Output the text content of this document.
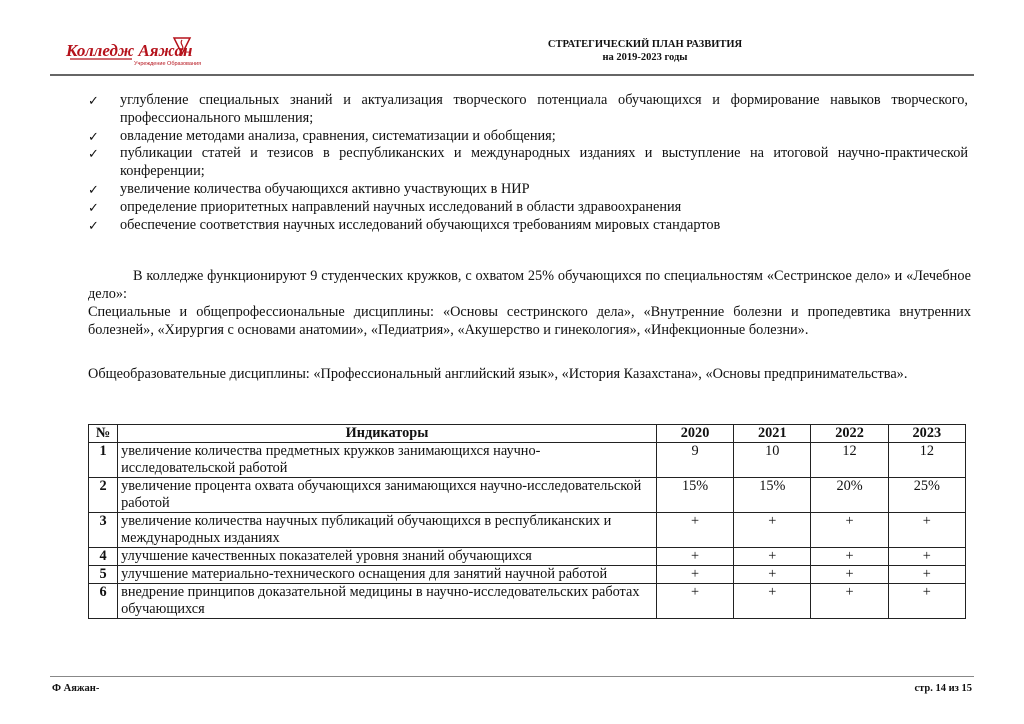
Колледж Аяжан
Учреждение Образования
СТРАТЕГИЧЕСКИЙ ПЛАН РАЗВИТИЯ
на 2019-2023 годы
✓	углубление специальных знаний и актуализация творческого потенциала обучающихся и формирование навыков творческого, профессионального мышления;
✓	овладение методами анализа, сравнения, систематизации и обобщения;
✓	публикации статей и тезисов в республиканских и международных изданиях и выступление на итоговой научно-практической конференции;
✓	увеличение количества обучающихся активно участвующих в НИР
✓	определение приоритетных направлений научных исследований в области здравоохранения
✓	обеспечение соответствия научных исследований обучающихся требованиям мировых стандартов
В колледже функционируют 9 студенческих кружков, с охватом 25% обучающихся по специальностям «Сестринское дело» и «Лечебное дело»:
Специальные и общепрофессиональные дисциплины: «Основы сестринского дела», «Внутренние болезни и пропедевтика внутренних болезней», «Хирургия с основами анатомии», «Педиатрия», «Акушерство и гинекология», «Инфекционные болезни».
Общеобразовательные дисциплины: «Профессиональный английский язык», «История Казахстана», «Основы предпринимательства».
№	Индикаторы	2020	2021	2022	2023
1	увеличение количества предметных кружков занимающихся научно-исследовательской работой	9	10	12	12
2	увеличение процента охвата обучающихся занимающихся научно-исследовательской работой	15%	15%	20%	25%
3	увеличение количества научных публикаций обучающихся в республиканских и международных изданиях	+	+	+	+
4	улучшение качественных показателей уровня знаний обучающихся	+	+	+	+
5	улучшение материально-технического оснащения для занятий научной работой	+	+	+	+
6	внедрение принципов доказательной медицины в научно-исследовательских работах обучающихся	+	+	+	+
Ф Аяжан-	стр. 14 из 15
